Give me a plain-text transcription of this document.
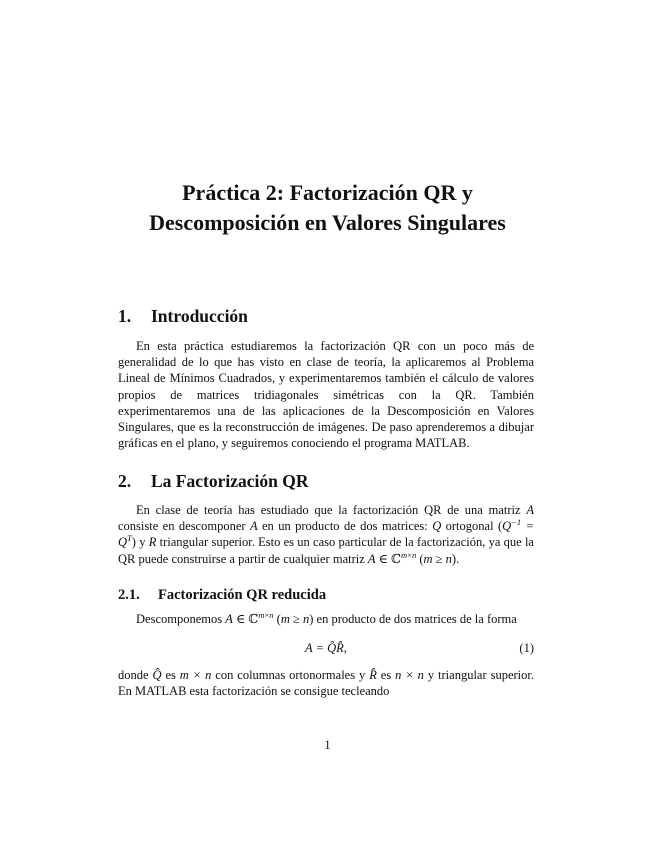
Práctica 2: Factorización QR y
Descomposición en Valores Singulares
1. Introducción

En esta práctica estudiaremos la factorización QR con un poco más de generalidad de lo que has visto en clase de teoría, la aplicaremos al Problema Lineal de Mínimos Cuadrados, y experimentaremos también el cálculo de valores propios de matrices tridiagonales simétricas con la QR. También experimentaremos una de las aplicaciones de la Descomposición en Valores Singulares, que es la reconstrucción de imágenes. De paso aprenderemos a dibujar gráficas en el plano, y seguiremos conociendo el programa MATLAB.

2. La Factorización QR

En clase de teoría has estudiado que la factorización QR de una matriz A consiste en descomponer A en un producto de dos matrices: Q ortogonal $(Q^{-1} = Q^T)$ y R triangular superior. Esto es un caso particular de la factorización, ya que la QR puede construirse a partir de cualquier matriz A ∈ ℂ$^{m\times n}$ (m ≥ n).

2.1. Factorización QR reducida

Descomponemos A ∈ ℂ$^{m\times n}$ (m ≥ n) en producto de dos matrices de la forma

A = Q̂R̂,	(1)

donde Q̂ es m × n con columnas ortonormales y R̂ es n × n y triangular superior. En MATLAB esta factorización se consigue tecleando

1
